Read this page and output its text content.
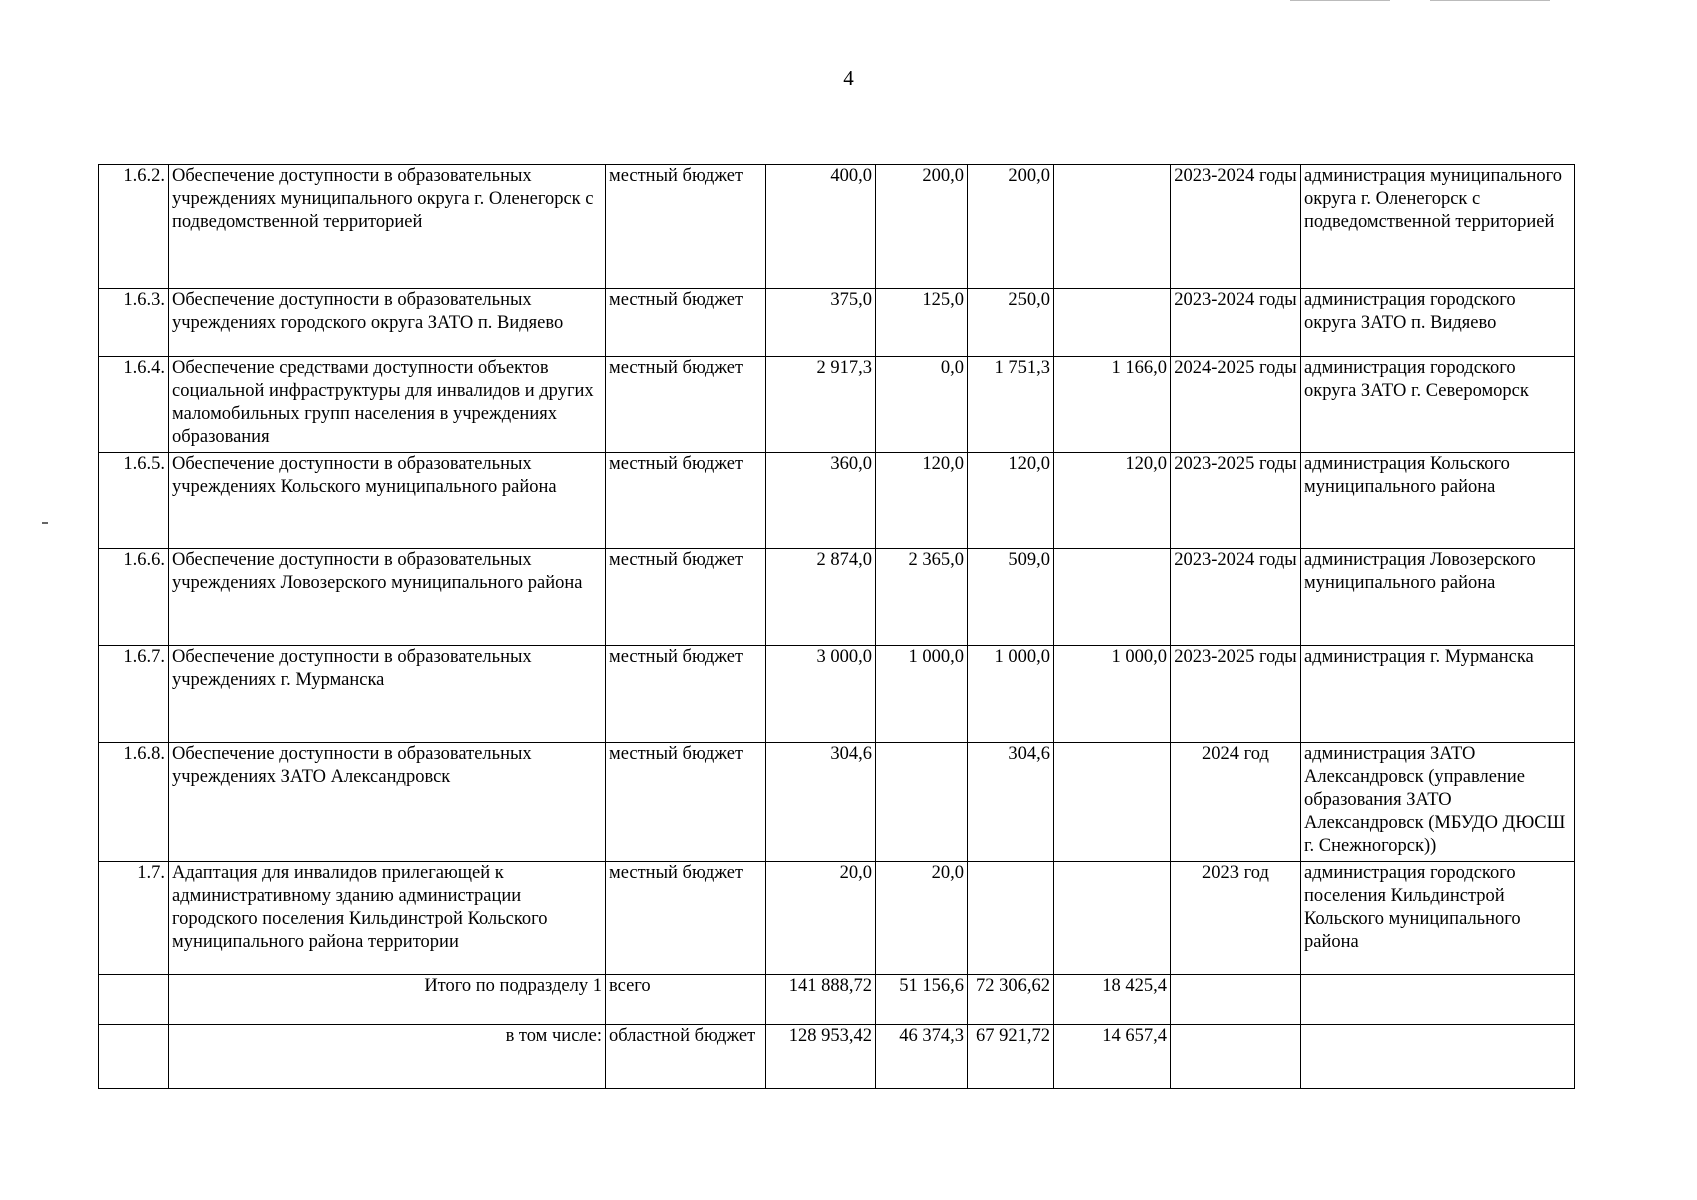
4
1.6.2.	Обеспечение доступности в образовательных учреждениях муниципального округа г. Оленегорск с подведомственной территорией	местный бюджет	400,0	200,0	200,0		2023-2024 годы	администрация муниципального округа г. Оленегорск с подведомственной территорией
1.6.3.	Обеспечение доступности в образовательных учреждениях городского округа ЗАТО п. Видяево	местный бюджет	375,0	125,0	250,0		2023-2024 годы	администрация городского округа ЗАТО п. Видяево
1.6.4.	Обеспечение средствами доступности объектов социальной инфраструктуры для инвалидов и других маломобильных групп населения в учреждениях образования	местный бюджет	2 917,3	0,0	1 751,3	1 166,0	2024-2025 годы	администрация городского округа ЗАТО г. Североморск
1.6.5.	Обеспечение доступности в образовательных учреждениях Кольского муниципального района	местный бюджет	360,0	120,0	120,0	120,0	2023-2025 годы	администрация Кольского муниципального района
1.6.6.	Обеспечение доступности в образовательных учреждениях Ловозерского муниципального района	местный бюджет	2 874,0	2 365,0	509,0		2023-2024 годы	администрация Ловозерского муниципального района
1.6.7.	Обеспечение доступности в образовательных учреждениях г. Мурманска	местный бюджет	3 000,0	1 000,0	1 000,0	1 000,0	2023-2025 годы	администрация г. Мурманска
1.6.8.	Обеспечение доступности в образовательных учреждениях ЗАТО Александровск	местный бюджет	304,6		304,6		2024 год	администрация ЗАТО Александровск (управление образования ЗАТО Александровск (МБУДО ДЮСШ г. Снежногорск))
1.7.	Адаптация для инвалидов прилегающей к административному зданию администрации городского поселения Кильдинстрой Кольского муниципального района территории	местный бюджет	20,0	20,0			2023 год	администрация городского поселения Кильдинстрой Кольского муниципального района
	Итого по подразделу 1	всего	141 888,72	51 156,6	72 306,62	18 425,4		
	в том числе:	областной бюджет	128 953,42	46 374,3	67 921,72	14 657,4		
